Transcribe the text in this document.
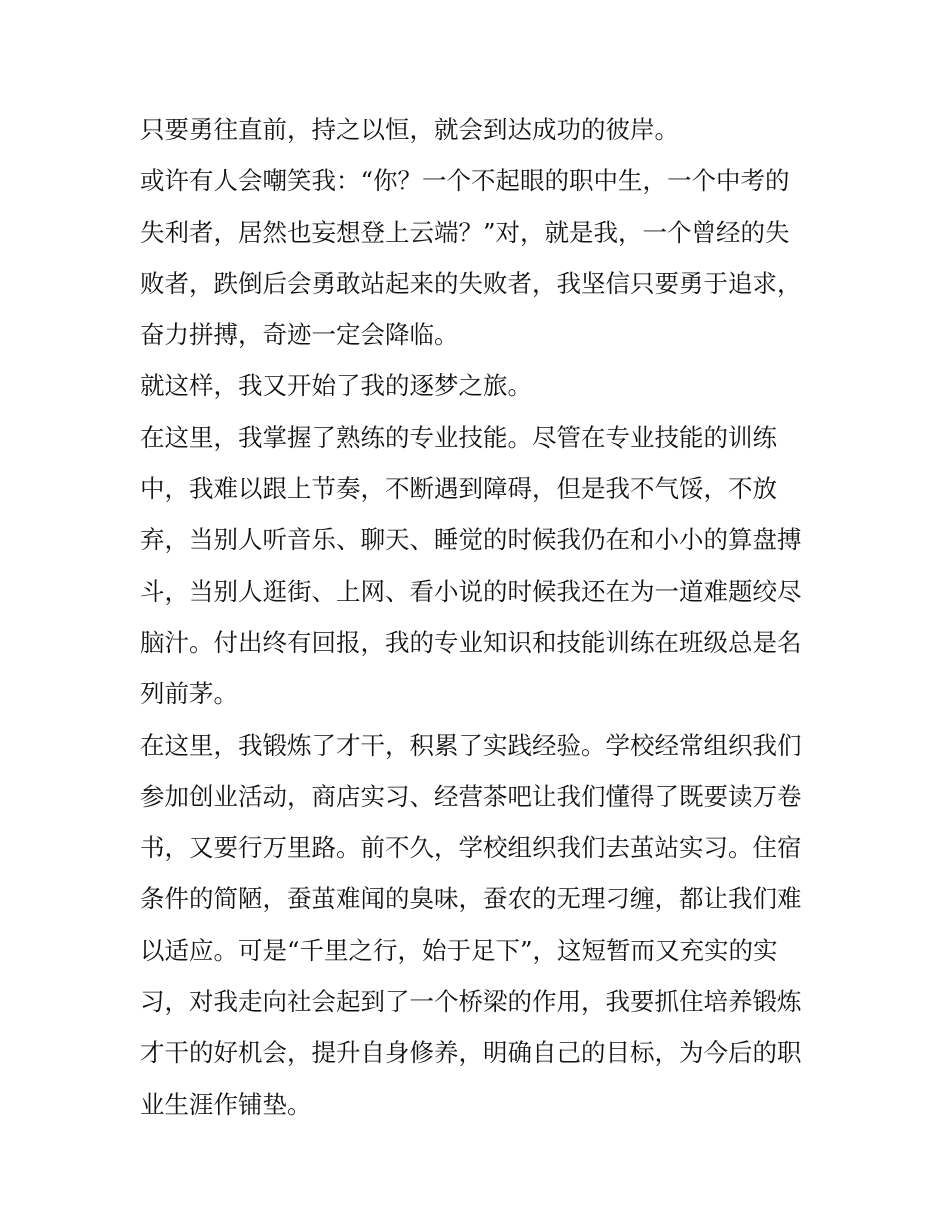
只要勇往直前，持之以恒，就会到达成功的彼岸。
或许有人会嘲笑我：“你？一个不起眼的职中生，一个中考的
失利者，居然也妄想登上云端？”对，就是我，一个曾经的失
败者，跌倒后会勇敢站起来的失败者，我坚信只要勇于追求，
奋力拼搏，奇迹一定会降临。
就这样，我又开始了我的逐梦之旅。
在这里，我掌握了熟练的专业技能。尽管在专业技能的训练
中，我难以跟上节奏，不断遇到障碍，但是我不气馁，不放
弃，当别人听音乐、聊天、睡觉的时候我仍在和小小的算盘搏
斗，当别人逛街、上网、看小说的时候我还在为一道难题绞尽
脑汁。付出终有回报，我的专业知识和技能训练在班级总是名
列前茅。
在这里，我锻炼了才干，积累了实践经验。学校经常组织我们
参加创业活动，商店实习、经营茶吧让我们懂得了既要读万卷
书，又要行万里路。前不久，学校组织我们去茧站实习。住宿
条件的简陋，蚕茧难闻的臭味，蚕农的无理刁缠，都让我们难
以适应。可是“千里之行，始于足下”，这短暂而又充实的实
习，对我走向社会起到了一个桥梁的作用，我要抓住培养锻炼
才干的好机会，提升自身修养，明确自己的目标，为今后的职
业生涯作铺垫。
